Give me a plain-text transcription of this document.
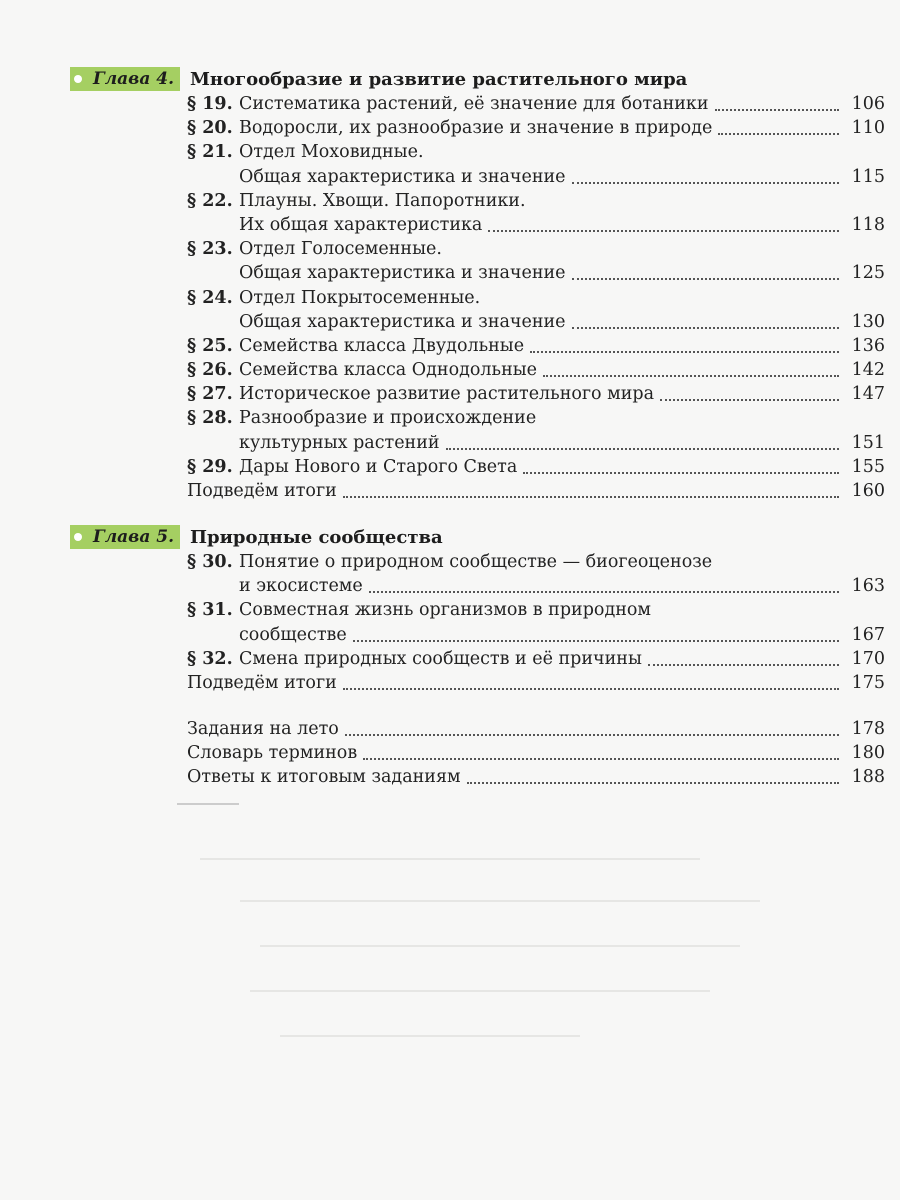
Глава 4. Многообразие и развитие растительного мира
§ 19. Систематика растений, её значение для ботаники	106
§ 20. Водоросли, их разнообразие и значение в природе	110
§ 21. Отдел Моховидные.
Общая характеристика и значение	115
§ 22. Плауны. Хвощи. Папоротники.
Их общая характеристика	118
§ 23. Отдел Голосеменные.
Общая характеристика и значение	125
§ 24. Отдел Покрытосеменные.
Общая характеристика и значение	130
§ 25. Семейства класса Двудольные	136
§ 26. Семейства класса Однодольные	142
§ 27. Историческое развитие растительного мира	147
§ 28. Разнообразие и происхождение
культурных растений	151
§ 29. Дары Нового и Старого Света	155
Подведём итоги	160
Глава 5. Природные сообщества
§ 30. Понятие о природном сообществе — биогеоценозе
и экосистеме	163
§ 31. Совместная жизнь организмов в природном
сообществе	167
§ 32. Смена природных сообществ и её причины	170
Подведём итоги	175
Задания на лето	178
Словарь терминов	180
Ответы к итоговым заданиям	188
